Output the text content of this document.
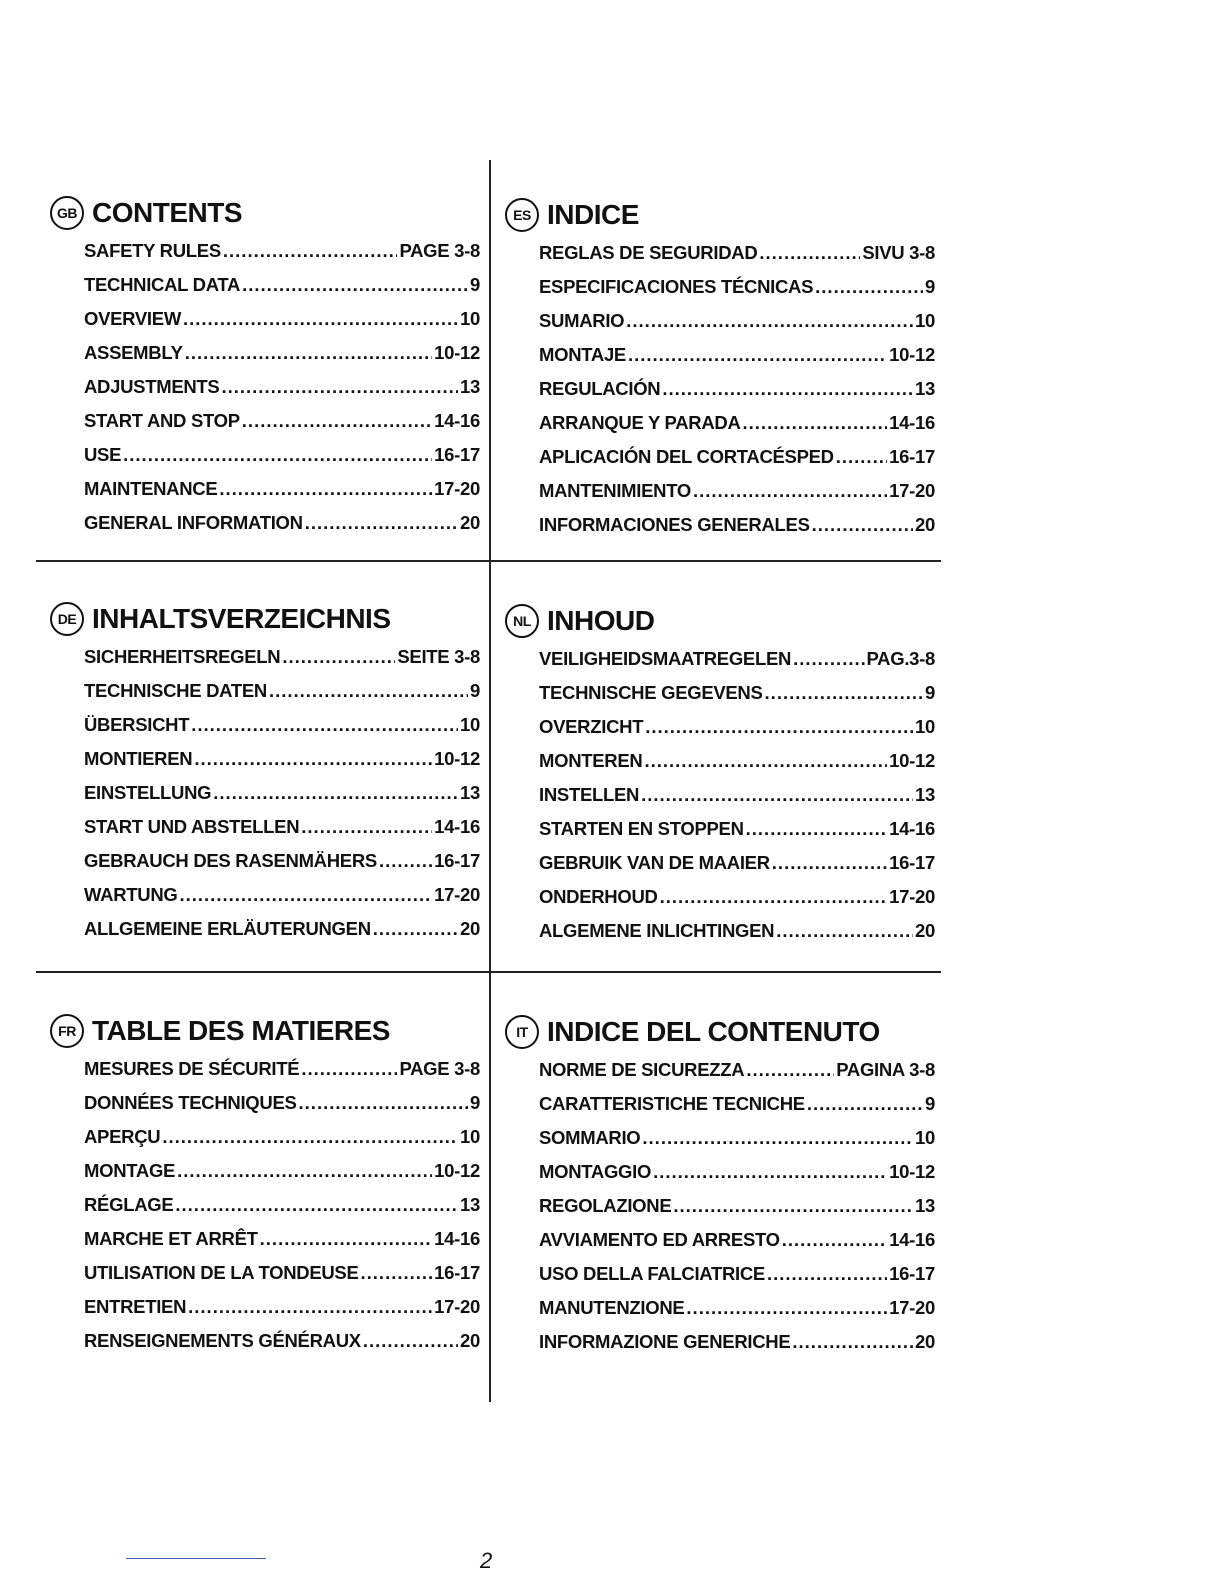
GB CONTENTS
SAFETY RULES .....	PAGE 3-8
TECHNICAL DATA .....	9
OVERVIEW .....	10
ASSEMBLY .....	10-12
ADJUSTMENTS .....	13
START AND STOP .....	14-16
USE .....	16-17
MAINTENANCE .....	17-20
GENERAL INFORMATION .....	20
ES INDICE
REGLAS DE SEGURIDAD .....	SIVU 3-8
ESPECIFICACIONES TÉCNICAS .....	9
SUMARIO .....	10
MONTAJE .....	10-12
REGULACIÓN .....	13
ARRANQUE Y PARADA .....	14-16
APLICACIÓN DEL CORTACÉSPED .....	16-17
MANTENIMIENTO .....	17-20
INFORMACIONES GENERALES .....	20
DE INHALTSVERZEICHNIS
SICHERHEITSREGELN .....	SEITE 3-8
TECHNISCHE DATEN .....	9
ÜBERSICHT .....	10
MONTIEREN .....	10-12
EINSTELLUNG .....	13
START UND ABSTELLEN .....	14-16
GEBRAUCH DES RASENMÄHERS .....	16-17
WARTUNG .....	17-20
ALLGEMEINE ERLÄUTERUNGEN .....	20
NL INHOUD
VEILIGHEIDSMAATREGELEN .....	PAG.3-8
TECHNISCHE GEGEVENS .....	9
OVERZICHT .....	10
MONTEREN .....	10-12
INSTELLEN .....	13
STARTEN EN STOPPEN .....	14-16
GEBRUIK VAN DE MAAIER .....	16-17
ONDERHOUD .....	17-20
ALGEMENE INLICHTINGEN .....	20
FR TABLE DES MATIERES
MESURES DE SÉCURITÉ .....	PAGE 3-8
DONNÉES TECHNIQUES .....	9
APERÇU .....	10
MONTAGE .....	10-12
RÉGLAGE .....	13
MARCHE ET ARRÊT .....	14-16
UTILISATION DE LA TONDEUSE .....	16-17
ENTRETIEN .....	17-20
RENSEIGNEMENTS GÉNÉRAUX .....	20
IT INDICE DEL CONTENUTO
NORME DE SICUREZZA .....	PAGINA 3-8
CARATTERISTICHE TECNICHE .....	9
SOMMARIO .....	10
MONTAGGIO .....	10-12
REGOLAZIONE .....	13
AVVIAMENTO ED ARRESTO .....	14-16
USO DELLA FALCIATRICE .....	16-17
MANUTENZIONE .....	17-20
INFORMAZIONE GENERICHE .....	20
2
